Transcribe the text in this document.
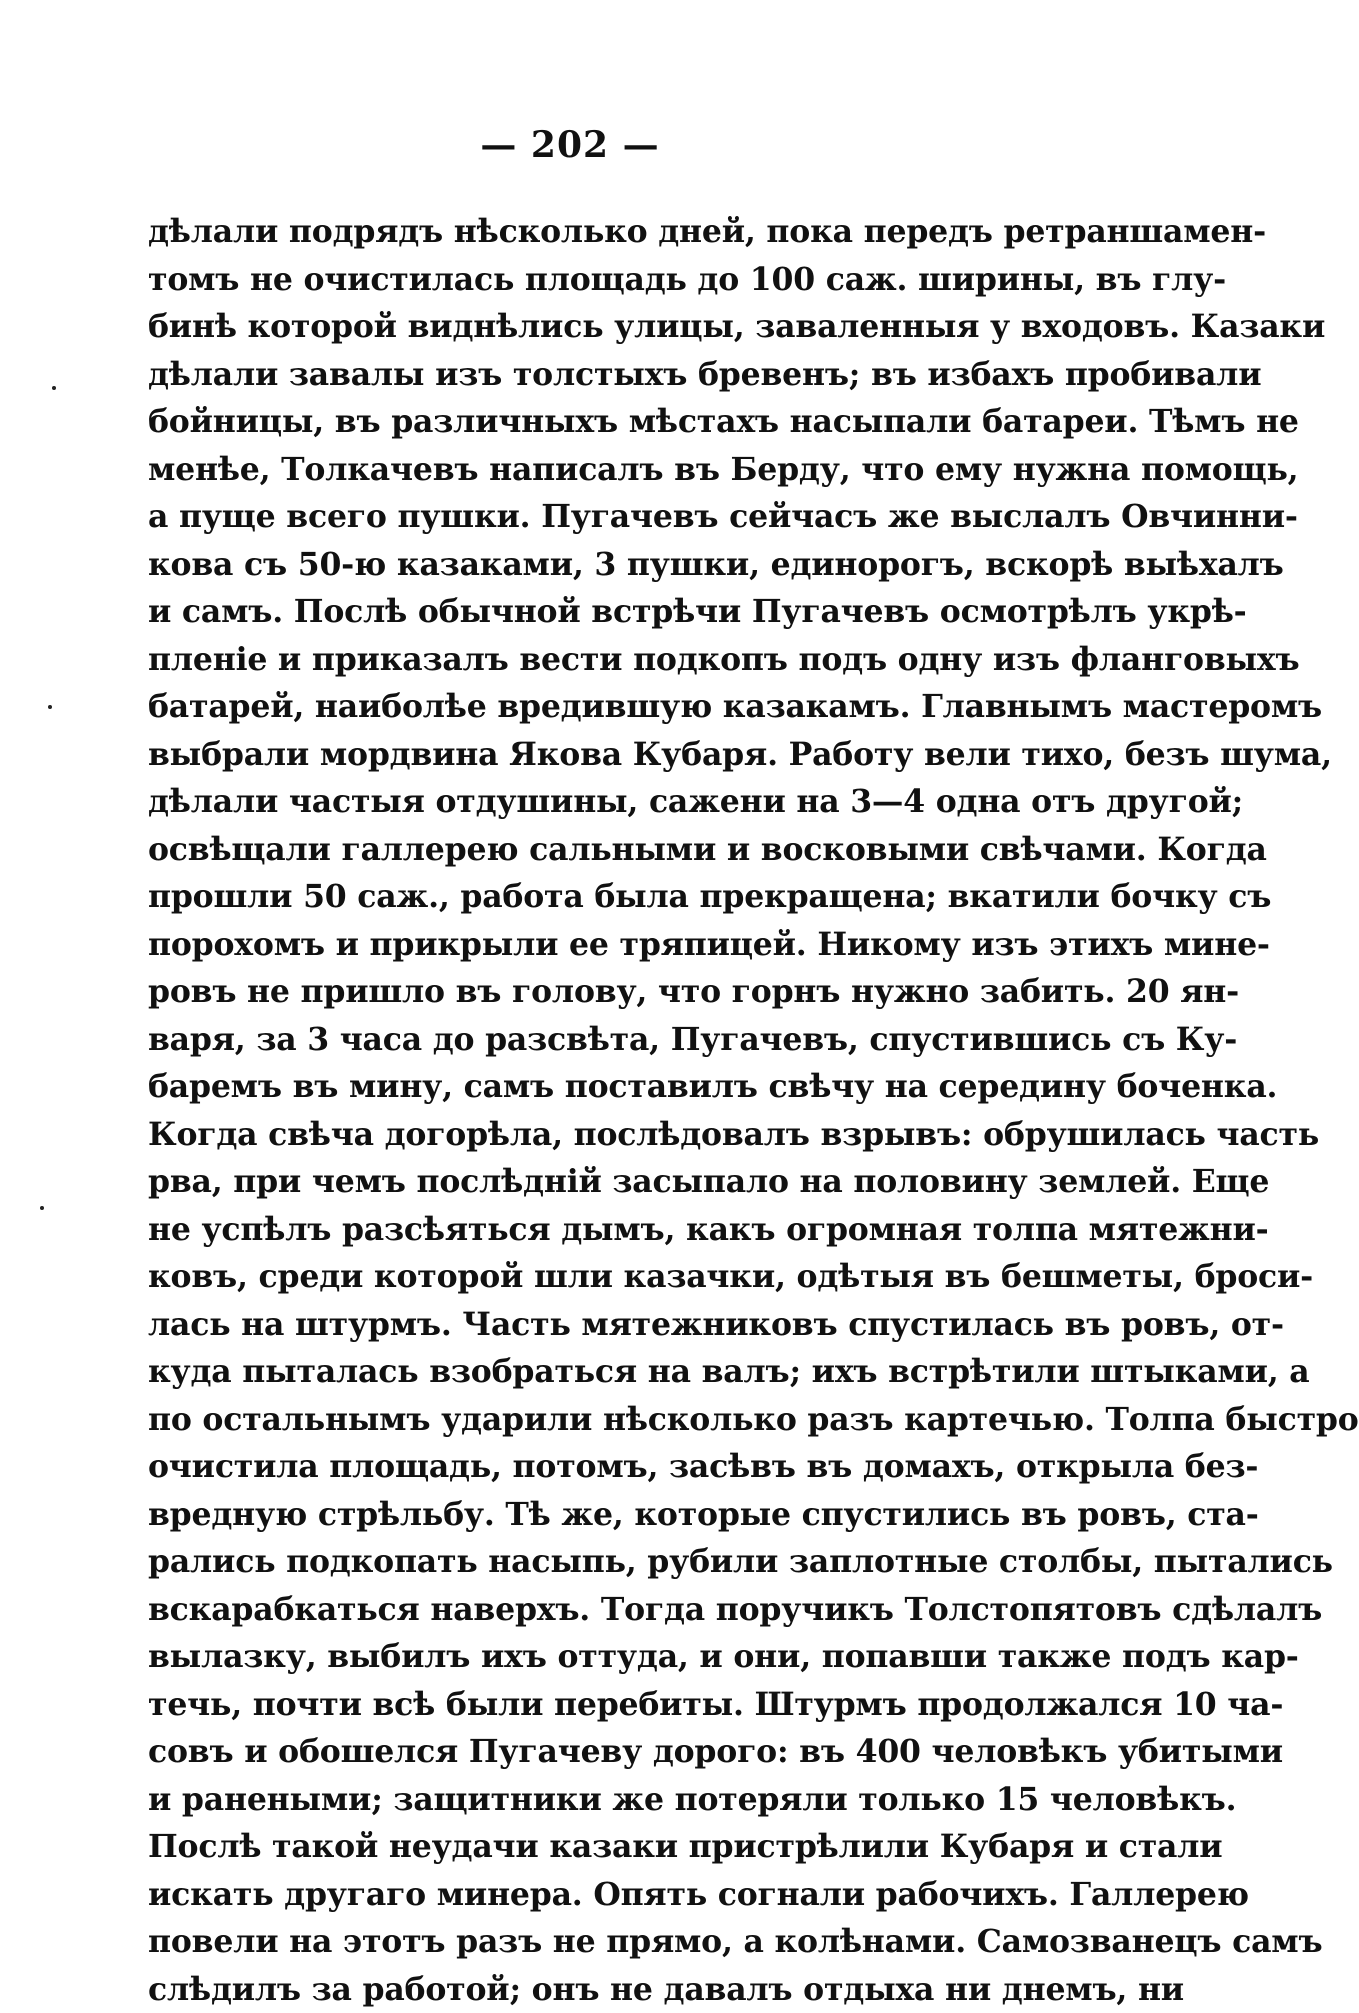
— 202 —
дѣлали подрядъ нѣсколько дней, пока передъ ретраншамен-
томъ не очистилась площадь до 100 саж. ширины, въ глу-
бинѣ которой виднѣлись улицы, заваленныя у входовъ. Казаки
дѣлали завалы изъ толстыхъ бревенъ; въ избахъ пробивали
бойницы, въ различныхъ мѣстахъ насыпали батареи. Тѣмъ не
менѣе, Толкачевъ написалъ въ Берду, что ему нужна помощь,
а пуще всего пушки. Пугачевъ сейчасъ же выслалъ Овчинни-
кова съ 50-ю казаками, 3 пушки, единорогъ, вскорѣ выѣхалъ
и самъ. Послѣ обычной встрѣчи Пугачевъ осмотрѣлъ укрѣ-
пленіе и приказалъ вести подкопъ подъ одну изъ фланговыхъ
батарей, наиболѣе вредившую казакамъ. Главнымъ мастеромъ
выбрали мордвина Якова Кубаря. Работу вели тихо, безъ шума,
дѣлали частыя отдушины, сажени на 3—4 одна отъ другой;
освѣщали галлерею сальными и восковыми свѣчами. Когда
прошли 50 саж., работа была прекращена; вкатили бочку съ
порохомъ и прикрыли ее тряпицей. Никому изъ этихъ мине-
ровъ не пришло въ голову, что горнъ нужно забить. 20 ян-
варя, за 3 часа до разсвѣта, Пугачевъ, спустившись съ Ку-
барeмъ въ мину, самъ поставилъ свѣчу на середину боченка.
Когда свѣча догорѣла, послѣдовалъ взрывъ: обрушилась часть
рва, при чемъ послѣдній засыпало на половину землей. Еще
не успѣлъ разсѣяться дымъ, какъ огромная толпа мятежни-
ковъ, среди которой шли казачки, одѣтыя въ бешметы, броси-
лась на штурмъ. Часть мятежниковъ спустилась въ ровъ, от-
куда пыталась взобраться на валъ; ихъ встрѣтили штыками, а
по остальнымъ ударили нѣсколько разъ картечью. Толпа быстро
очистила площадь, потомъ, засѣвъ въ домахъ, открыла без-
вредную стрѣльбу. Тѣ же, которые спустились въ ровъ, ста-
рались подкопать насыпь, рубили заплотные столбы, пытались
вскарабкаться наверхъ. Тогда поручикъ Толстопятовъ сдѣлалъ
вылазку, выбилъ ихъ оттуда, и они, попавши также подъ кар-
течь, почти всѣ были перебиты. Штурмъ продолжался 10 ча-
совъ и обошелся Пугачеву дорого: въ 400 человѣкъ убитыми
и ранеными; защитники же потеряли только 15 человѣкъ.
Послѣ такой неудачи казаки пристрѣлили Кубаря и стали
искать другаго минера. Опять согнали рабочихъ. Галлерею
повели на этотъ разъ не прямо, а колѣнами. Самозванецъ самъ
слѣдилъ за работой; онъ не давалъ отдыха ни днемъ, ни
